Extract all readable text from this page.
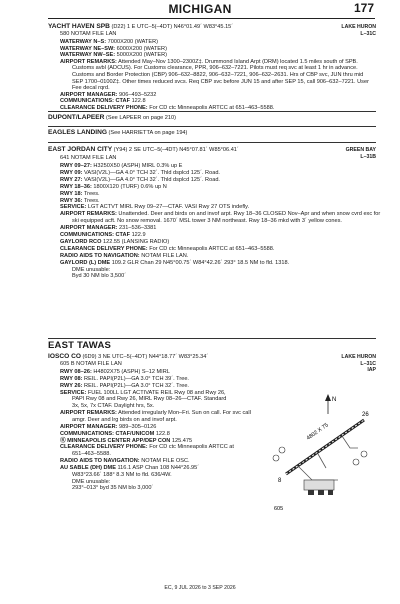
MICHIGAN	177
YACHT HAVEN SPB (D22) 1 E UTC–5(–4DT) N46°01.49´ W83°45.15´
580 NOTAM FILE LAN
LAKE HURON
L–31C
WATERWAY N–S: 7000X200 (WATER)
WATERWAY NE–SW: 6000X200 (WATER)
WATERWAY NW–SE: 5000X200 (WATER)
AIRPORT REMARKS: Attended May–Nov 1300–2300Z‡. Drummond Island Arpt (DRM) located 1.5 miles south of SPB.
Customs avbl (ADCUS). For Customs clearance, PPR, 906–632–7221. Pilots must req svc at least 1 hr in advance.
Customs and Border Protection (CBP) 906–632–8822, 906–632–7221, 906–632–2631. Hrs of CBP svc, JUN thru mid
SEP 1700–0100Z‡. Other times reduced svcs. Req CBP svc before JUN 15 and after SEP 15, call 906–632–7221. User
Fee decal rqrd.
AIRPORT MANAGER: 906–493–5232
COMMUNICATIONS: CTAF 122.8
CLEARANCE DELIVERY PHONE: For CD ctc Minneapolis ARTCC at 651–463–5588.
DUPONT/LAPEER (See LAPEER on page 210)
EAGLES LANDING (See HARRIETTA on page 194)
EAST JORDAN CITY (Y94) 2 SE UTC–5(–4DT) N45°07.81´ W85°06.41´
641 NOTAM FILE LAN
GREEN BAY
L–31B
RWY 09–27: H3250X50 (ASPH) MIRL 0.3% up E
RWY 09: VASI(V2L)—GA 4.0° TCH 32´. Thld dsplcd 125´. Road.
RWY 27: VASI(V2L)—GA 4.0° TCH 32´. Thld dsplcd 125´. Road.
RWY 18–36: 1800X120 (TURF) 0.6% up N
RWY 18: Trees.
RWY 36: Trees.
SERVICE: LGT ACTVT MIRL Rwy 09–27—CTAF. VASI Rwy 27 OTS indefly.
AIRPORT REMARKS: Unattended. Deer and birds on and invof arpt. Rwy 18–36 CLOSED Nov–Apr and when snow cvrd exc for
ski equipped acft. No snow removal. 1670´ MSL tower 3 NM northeast. Rwy 18–36 mkd with 3´ yellow cones.
AIRPORT MANAGER: 231–536–3381
COMMUNICATIONS: CTAF 122.9
GAYLORD RCO 122.55 (LANSING RADIO)
CLEARANCE DELIVERY PHONE: For CD ctc Minneapolis ARTCC at 651–463–5588.
RADIO AIDS TO NAVIGATION: NOTAM FILE LAN.
GAYLORD (L) DME 109.2 GLR Chan 29 N45°00.75´ W84°42.26´ 293° 18.5 NM to fld. 1318.
DME unusable:
Byd 30 NM blo 3,500´
EAST TAWAS
IOSCO CO (6D9) 3 NE UTC–5(–4DT) N44°18.77´ W83°25.34´
605 B NOTAM FILE LAN
LAKE HURON
L–31C
IAP
RWY 08–26: H4802X75 (ASPH) S–12 MIRL
RWY 08: REIL. PAPI(P2L)—GA 3.0° TCH 39´. Tree.
RWY 26: REIL. PAPI(P2L)—GA 3.0° TCH 32´. Tree.
SERVICE: FUEL 100LL LGT ACTIVATE REIL Rwy 08 and Rwy 26,
PAPI Rwy 08 and Rwy 26, MIRL Rwy 08–26—CTAF. Standard
3x, 5x, 7x CTAF. Daylight hrs, 5x.
AIRPORT REMARKS: Attended irregularly Mon–Fri. Sun on call. For svc call
amgr. Deer and lrg birds on and invof arpt.
AIRPORT MANAGER: 989–305–0126
COMMUNICATIONS: CTAF/UNICOM 122.8
Ⓡ MINNEAPOLIS CENTER APP/DEP CON 125.475
CLEARANCE DELIVERY PHONE: For CD ctc Minneapolis ARTCC at
651–463–5588.
RADIO AIDS TO NAVIGATION: NOTAM FILE OSC.
AU SABLE (DH) DME 116.1 ASP Chan 108 N44°26.95´
W83°23.66´ 188° 8.3 NM to fld. 636/4W.
DME unusable:
293°–013° byd 35 NM blo 3,000´
N
4802 X 75
8
26
605
EC, 9 JUL 2026 to 3 SEP 2026
